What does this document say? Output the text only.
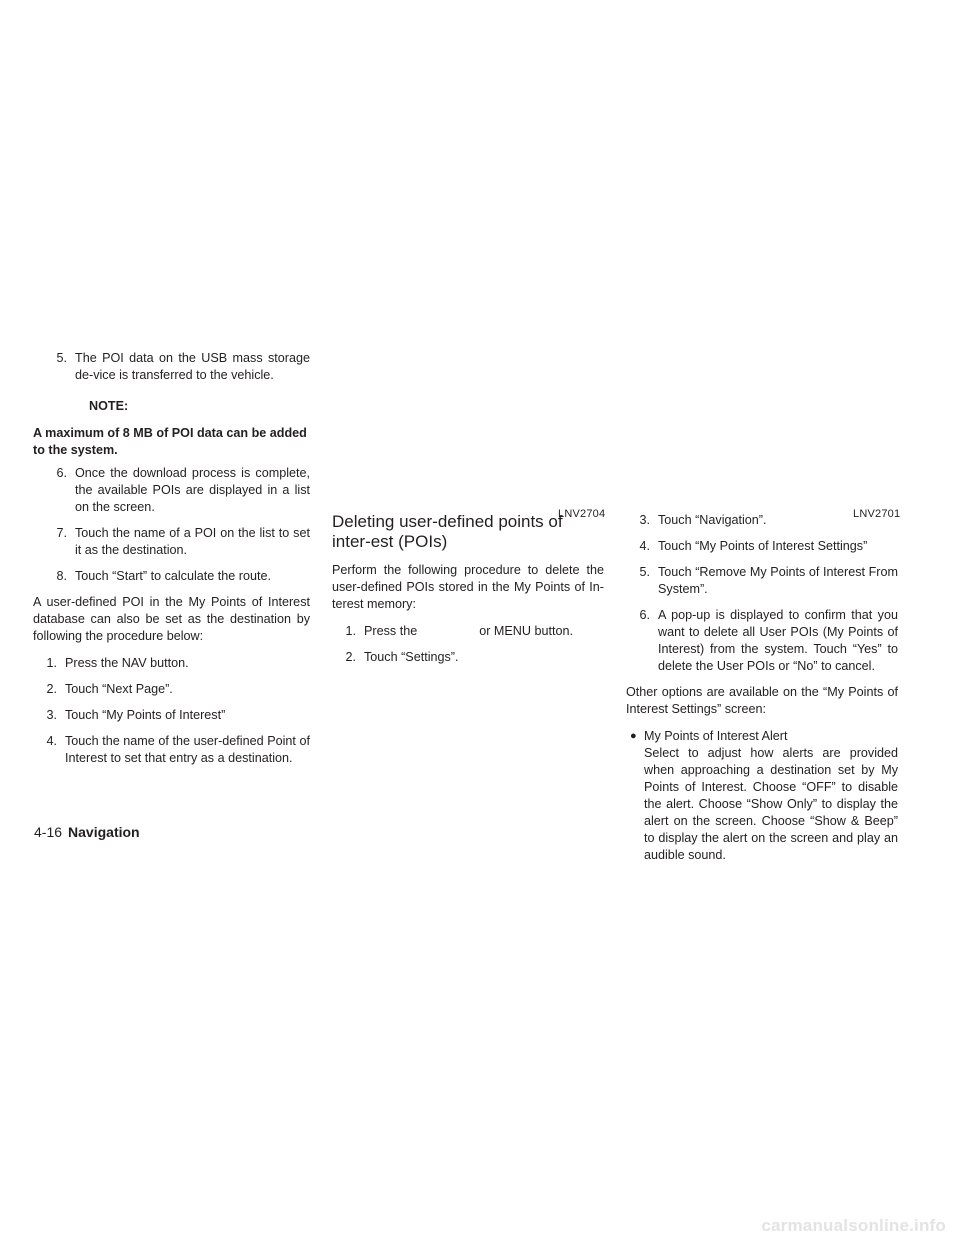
5. The POI data on the USB mass storage de-vice is transferred to the vehicle.
NOTE:
A maximum of 8 MB of POI data can be added to the system.
6. Once the download process is complete, the available POIs are displayed in a list on the screen.
7. Touch the name of a POI on the list to set it as the destination.
8. Touch “Start” to calculate the route.

A user-defined POI in the My Points of Interest database can also be set as the destination by following the procedure below:

1. Press the NAV button.
2. Touch “Next Page”.
3. Touch “My Points of Interest”
4. Touch the name of the user-defined Point of Interest to set that entry as a destination.
LNV2704	LNV2701
Deleting user-defined points of inter-est (POIs)

Perform the following procedure to delete the user-defined POIs stored in the My Points of In-terest memory:

1. Press the	or MENU button.
2. Touch “Settings”.
3. Touch “Navigation”.
4. Touch “My Points of Interest Settings”
5. Touch “Remove My Points of Interest From System”.
6. A pop-up is displayed to confirm that you want to delete all User POIs (My Points of Interest) from the system. Touch “Yes” to delete the User POIs or “No” to cancel.

Other options are available on the “My Points of Interest Settings” screen:

● My Points of Interest Alert
Select to adjust how alerts are provided when approaching a destination set by My Points of Interest. Choose “OFF” to disable the alert. Choose “Show Only” to display the alert on the screen. Choose “Show & Beep” to display the alert on the screen and play an audible sound.
4-16 Navigation
carmanualsonline.info
